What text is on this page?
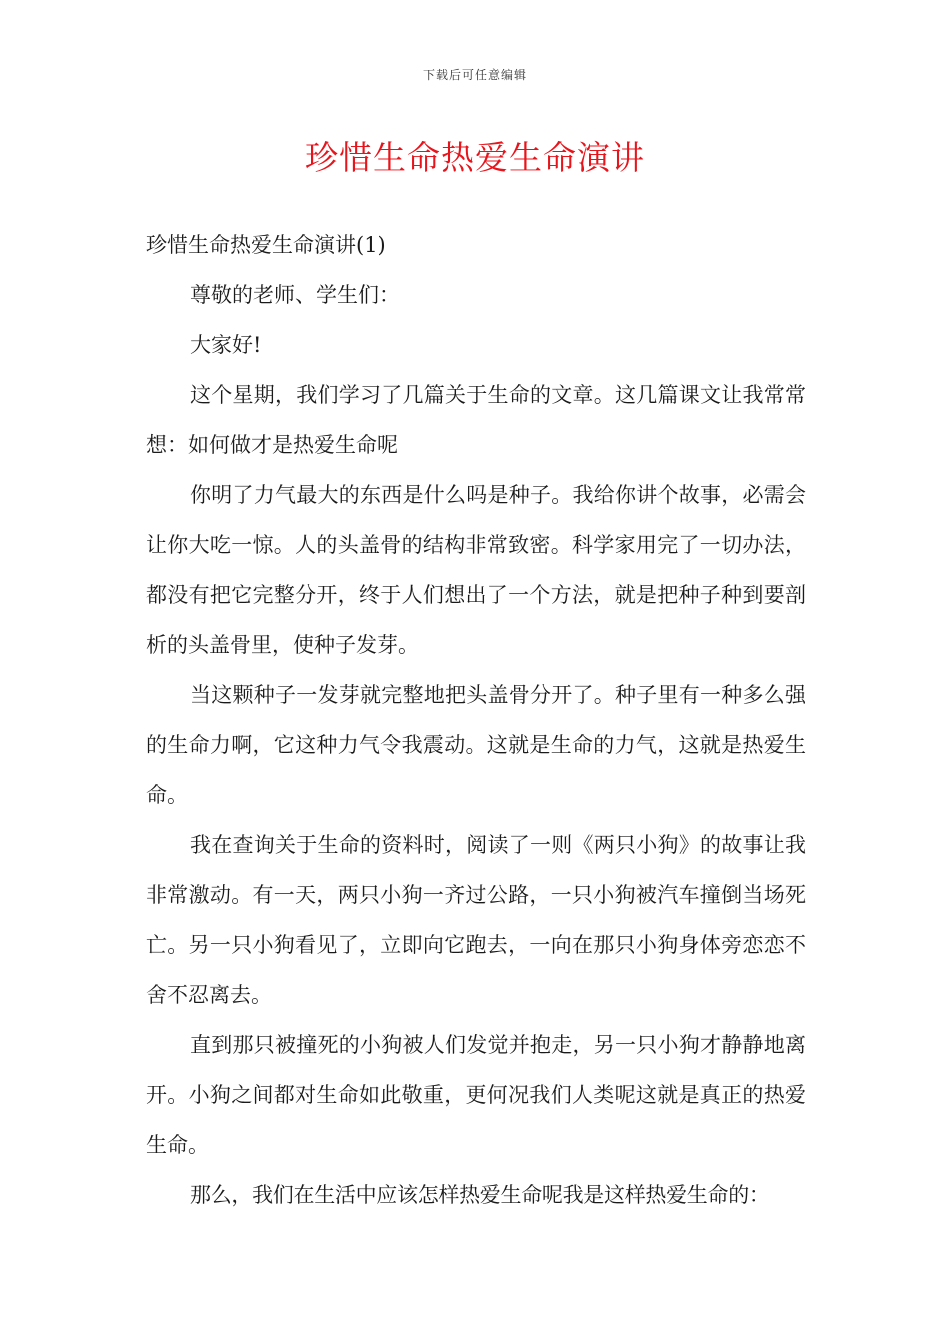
下载后可任意编辑
珍惜生命热爱生命演讲

珍惜生命热爱生命演讲(1)

尊敬的老师、学生们：

大家好!

这个星期，我们学习了几篇关于生命的文章。这几篇课文让我常常想：如何做才是热爱生命呢

你明了力气最大的东西是什么吗是种子。我给你讲个故事，必需会让你大吃一惊。人的头盖骨的结构非常致密。科学家用完了一切办法，都没有把它完整分开，终于人们想出了一个方法，就是把种子种到要剖析的头盖骨里，使种子发芽。

当这颗种子一发芽就完整地把头盖骨分开了。种子里有一种多么强的生命力啊，它这种力气令我震动。这就是生命的力气，这就是热爱生命。

我在查询关于生命的资料时，阅读了一则《两只小狗》的故事让我非常激动。有一天，两只小狗一齐过公路，一只小狗被汽车撞倒当场死亡。另一只小狗看见了，立即向它跑去，一向在那只小狗身体旁恋恋不舍不忍离去。

直到那只被撞死的小狗被人们发觉并抱走，另一只小狗才静静地离开。小狗之间都对生命如此敬重，更何况我们人类呢这就是真正的热爱生命。

那么，我们在生活中应该怎样热爱生命呢我是这样热爱生命的：
